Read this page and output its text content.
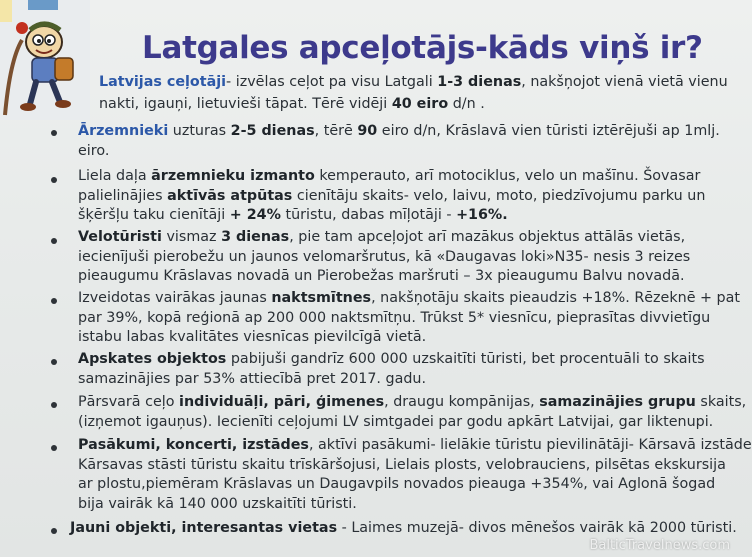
Latgales apceļotājs-kāds viņš ir?
Latvijas ceļotāji- izvēlas ceļot pa visu Latgali 1-3 dienas, nakšņojot vienā vietā vienu
nakti, igauņi, lietuvieši tāpat. Tērē vidēji 40 eiro d/n .
Ārzemnieki uzturas 2-5 dienas, tērē 90 eiro d/n, Krāslavā vien tūristi iztērējuši ap 1mlj.
eiro.
Liela daļa ārzemnieku izmanto kemperauto, arī motociklus, velo un mašīnu. Šovasar
palielinājies aktīvās atpūtas cienītāju skaits- velo, laivu, moto, piedzīvojumu parku un
šķēršļu taku cienītāji + 24% tūristu, dabas mīļotāji - +16%.
Velotūristi vismaz 3 dienas, pie tam apceļojot arī mazākus objektus attālās vietās,
iecienījuši pierobežu un jaunos velomaršrutus, kā «Daugavas loki»N35- nesis 3 reizes
pieaugumu Krāslavas novadā un Pierobežas maršruti – 3x pieaugumu Balvu novadā.
Izveidotas vairākas jaunas naktsmītnes, nakšņotāju skaits pieaudzis +18%. Rēzeknē + pat
par 39%, kopā reģionā ap 200 000 naktsmītņu. Trūkst 5* viesnīcu, pieprasītas divvietīgu
istabu labas kvalitātes viesnīcas pievilcīgā vietā.
Apskates objektos pabijuši gandrīz 600 000 uzskaitīti tūristi, bet procentuāli to skaits
samazinājies par 53% attiecībā pret 2017. gadu.
Pārsvarā ceļo individuāļi, pāri, ģimenes, draugu kompānijas, samazinājies grupu skaits,
(izņemot igauņus). Iecienīti ceļojumi LV simtgadei par godu apkārt Latvijai, gar liktenupi.
Pasākumi, koncerti, izstādes, aktīvi pasākumi- lielākie tūristu pievilinātāji- Kārsavā izstāde
Kārsavas stāsti tūristu skaitu trīskāršojusi, Lielais plosts, velobrauciens, pilsētas ekskursija
ar plostu,piemēram Krāslavas un Daugavpils novados pieauga +354%, vai Aglonā šogad
bija vairāk kā 140 000 uzskaitīti tūristi.
Jauni objekti, interesantas vietas - Laimes muzejā- divos mēnešos vairāk kā 2000 tūristi.
BalticTravelnews.com
